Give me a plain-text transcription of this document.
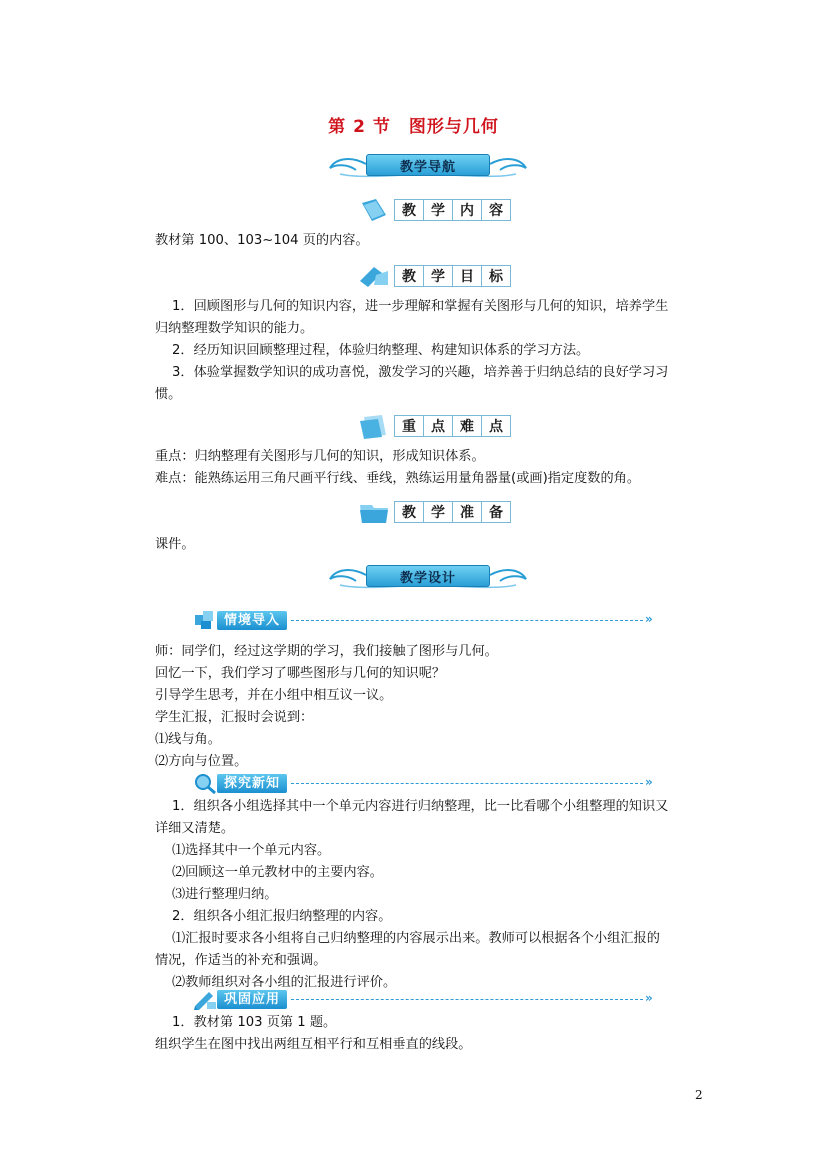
第 2 节　图形与几何
教学导航
教	学	内	容
教材第 100、103~104 页的内容。
教	学	目	标
1．回顾图形与几何的知识内容，进一步理解和掌握有关图形与几何的知识，培养学生
归纳整理数学知识的能力。
2．经历知识回顾整理过程，体验归纳整理、构建知识体系的学习方法。
3．体验掌握数学知识的成功喜悦，激发学习的兴趣，培养善于归纳总结的良好学习习
惯。
重	点	难	点
重点：归纳整理有关图形与几何的知识，形成知识体系。
难点：能熟练运用三角尺画平行线、垂线，熟练运用量角器量(或画)指定度数的角。
教	学	准	备
课件。
教学设计
情境导入	»
师：同学们，经过这学期的学习，我们接触了图形与几何。
回忆一下，我们学习了哪些图形与几何的知识呢？
引导学生思考，并在小组中相互议一议。
学生汇报，汇报时会说到：
⑴线与角。
⑵方向与位置。
探究新知	»
1．组织各小组选择其中一个单元内容进行归纳整理，比一比看哪个小组整理的知识又
详细又清楚。
⑴选择其中一个单元内容。
⑵回顾这一单元教材中的主要内容。
⑶进行整理归纳。
2．组织各小组汇报归纳整理的内容。
⑴汇报时要求各小组将自己归纳整理的内容展示出来。教师可以根据各个小组汇报的
情况，作适当的补充和强调。
⑵教师组织对各小组的汇报进行评价。
巩固应用	»
1．教材第 103 页第 1 题。
组织学生在图中找出两组互相平行和互相垂直的线段。
2
